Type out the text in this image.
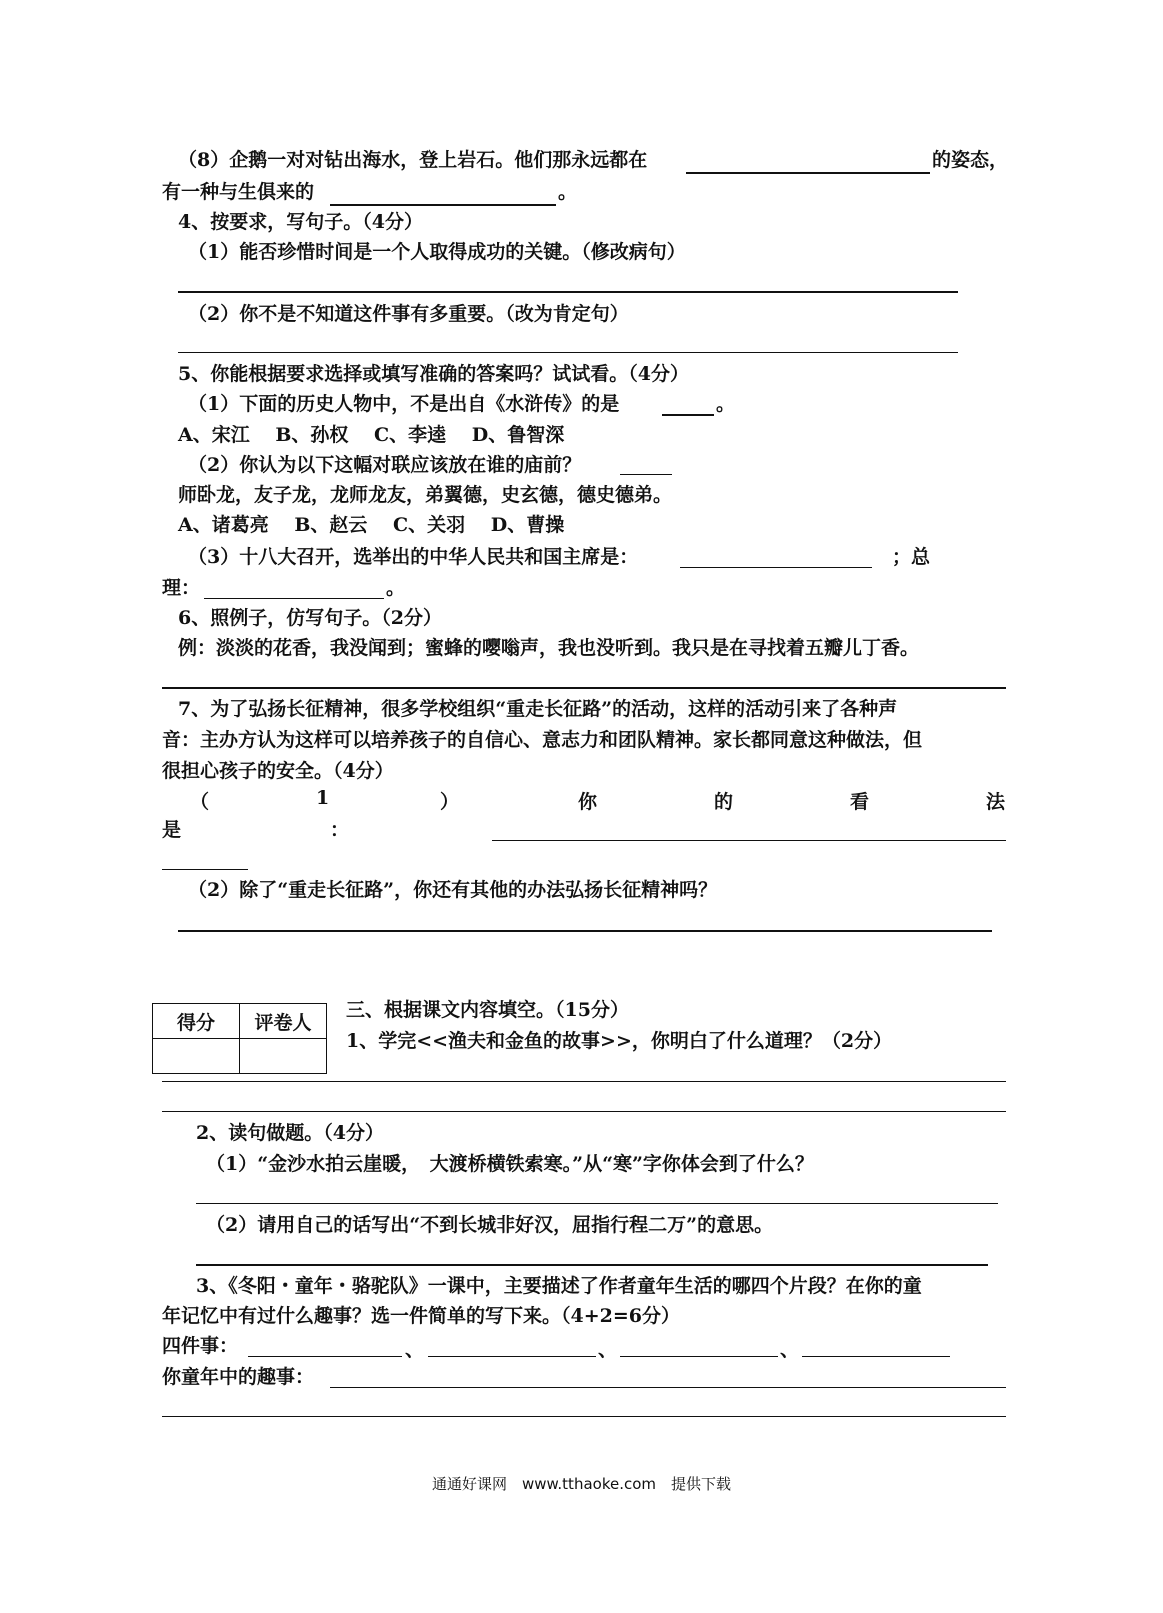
（8）企鹅一对对钻出海水，登上岩石。他们那永远都在	的姿态，
有一种与生俱来的	。
4、按要求，写句子。（4分）
（1）能否珍惜时间是一个人取得成功的关键。（修改病句）
（2）你不是不知道这件事有多重要。（改为肯定句）
5、你能根据要求选择或填写准确的答案吗？试试看。（4分）
（1）下面的历史人物中，不是出自《水浒传》的是	。
A、宋江　 B、孙权　 C、李逵　 D、鲁智深
（2）你认为以下这幅对联应该放在谁的庙前？
师卧龙，友子龙，龙师龙友，弟翼德，史玄德，德史德弟。
A、诸葛亮　 B、赵云　 C、关羽　 D、曹操
（3）十八大召开，选举出的中华人民共和国主席是：	；总
理：	。
6、照例子，仿写句子。（2分）
例：淡淡的花香，我没闻到；蜜蜂的嘤嗡声，我也没听到。我只是在寻找着五瓣儿丁香。
7、为了弘扬长征精神，很多学校组织“重走长征路”的活动，这样的活动引来了各种声
音：主办方认为这样可以培养孩子的自信心、意志力和团队精神。家长都同意这种做法，但
很担心孩子的安全。（4分）
（	1	）	你	的	看	法
是	：
（2）除了“重走长征路”，你还有其他的办法弘扬长征精神吗？
得分	评卷人

三、根据课文内容填空。（15分）
1、学完<<渔夫和金鱼的故事>>，你明白了什么道理？（2分）
2、读句做题。（4分）
（1）“金沙水拍云崖暖，　大渡桥横铁索寒。”从“寒”字你体会到了什么？
（2）请用自己的话写出“不到长城非好汉，屈指行程二万”的意思。
3、《冬阳・童年・骆驼队》一课中，主要描述了作者童年生活的哪四个片段？在你的童
年记忆中有过什么趣事？选一件简单的写下来。（4+2=6分）
四件事：	、	、	、
你童年中的趣事：
通通好课网　www.tthaoke.com　提供下载
